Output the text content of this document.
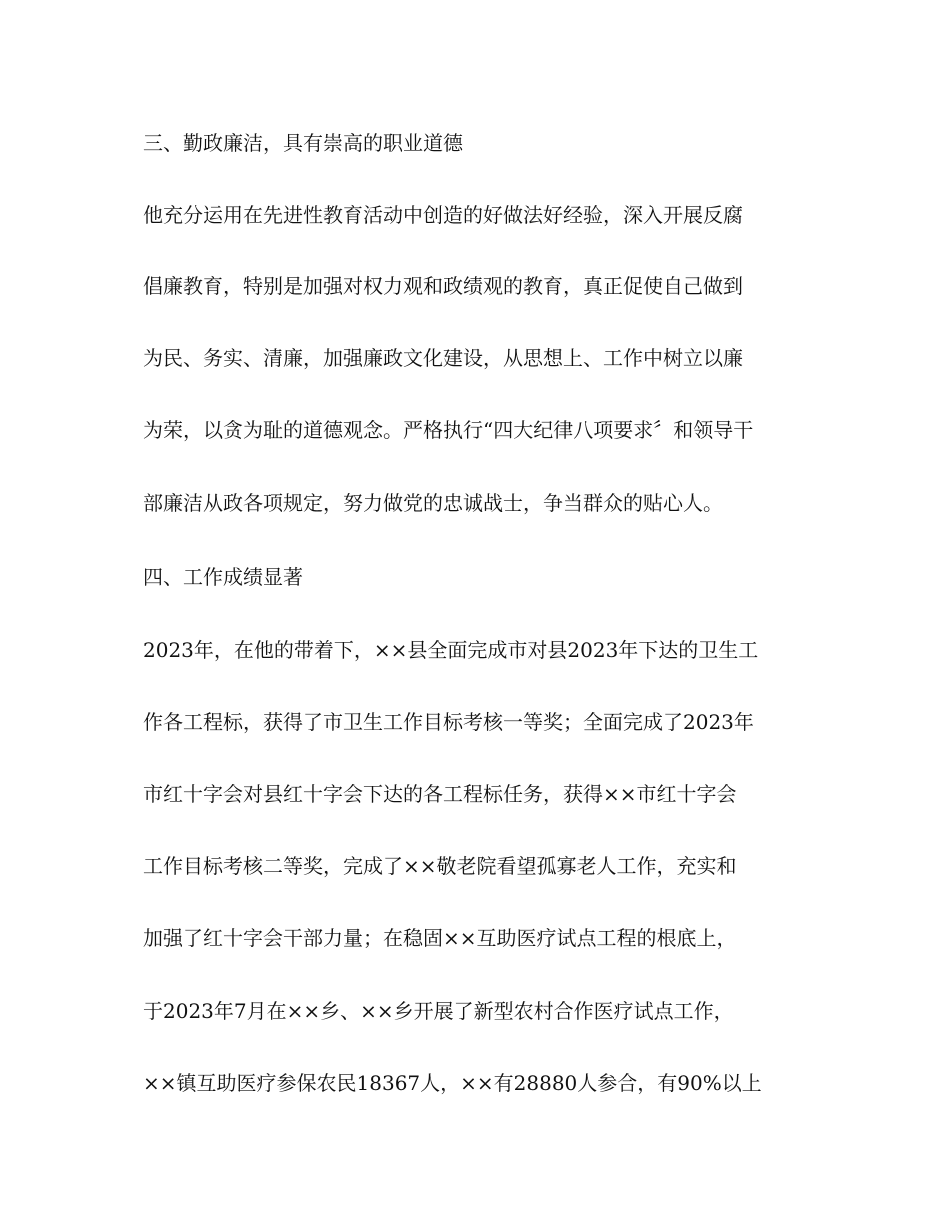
三、勤政廉洁，具有崇高的职业道德

他充分运用在先进性教育活动中创造的好做法好经验，深入开展反腐

倡廉教育，特别是加强对权力观和政绩观的教育，真正促使自己做到

为民、务实、清廉，加强廉政文化建设，从思想上、工作中树立以廉

为荣，以贪为耻的道德观念。严格执行“四大纪律八项要求〞和领导干

部廉洁从政各项规定，努力做党的忠诚战士，争当群众的贴心人。

四、工作成绩显著

2023年，在他的带着下，××县全面完成市对县2023年下达的卫生工

作各工程标，获得了市卫生工作目标考核一等奖；全面完成了2023年

市红十字会对县红十字会下达的各工程标任务，获得××市红十字会

工作目标考核二等奖，完成了××敬老院看望孤寡老人工作，充实和

加强了红十字会干部力量；在稳固××互助医疗试点工程的根底上，

于2023年7月在××乡、××乡开展了新型农村合作医疗试点工作，

××镇互助医疗参保农民18367人，××有28880人参合，有90%以上
